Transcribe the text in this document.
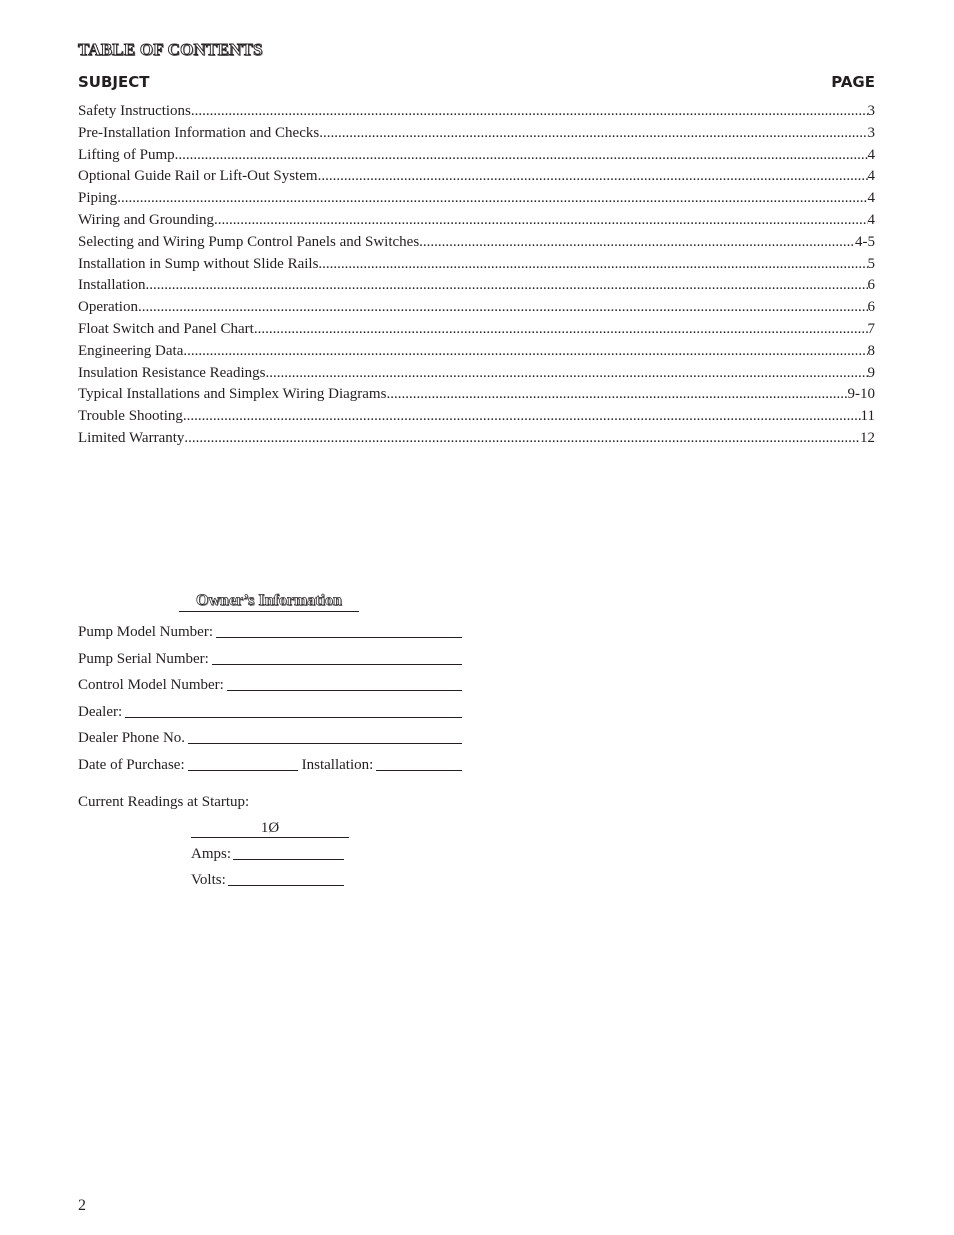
TABLE OF CONTENTS
SUBJECT	PAGE
Safety Instructions .....	3
Pre-Installation Information and Checks .....	3
Lifting of Pump .....	4
Optional Guide Rail or Lift-Out System .....	4
Piping .....	4
Wiring and Grounding .....	4
Selecting and Wiring Pump Control Panels and Switches .....	4-5
Installation in Sump without Slide Rails .....	5
Installation .....	6
Operation .....	6
Float Switch and Panel Chart .....	7
Engineering Data .....	8
Insulation Resistance Readings .....	9
Typical Installations and Simplex Wiring Diagrams .....	9-10
Trouble Shooting .....	11
Limited Warranty .....	12
Owner’s Information
Pump Model Number:
Pump Serial Number:
Control Model Number:
Dealer:
Dealer Phone No.
Date of Purchase:	Installation:
Current Readings at Startup:
1Ø
Amps:
Volts:
2
